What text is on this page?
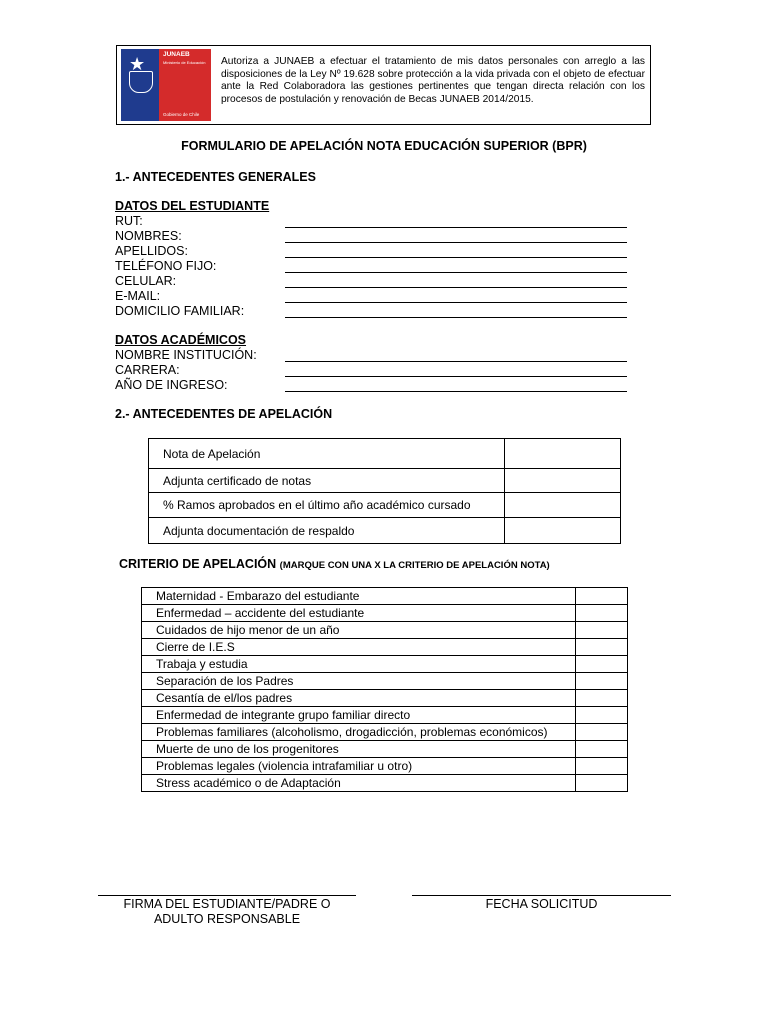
★	JUNAEB
Ministerio de Educación
Gobierno de Chile
Autoriza a JUNAEB a efectuar el tratamiento de mis datos personales con arreglo a las disposiciones de la Ley Nº 19.628 sobre protección a la vida privada con el objeto de efectuar ante la Red Colaboradora las gestiones pertinentes que tengan directa relación con los procesos de postulación y renovación de Becas JUNAEB 2014/2015.
FORMULARIO DE APELACIÓN NOTA EDUCACIÓN SUPERIOR (BPR)
1.- ANTECEDENTES GENERALES
DATOS DEL ESTUDIANTE
RUT:
NOMBRES:
APELLIDOS:
TELÉFONO FIJO:
CELULAR:
E-MAIL:
DOMICILIO FAMILIAR:
DATOS ACADÉMICOS
NOMBRE INSTITUCIÓN:
CARRERA:
AÑO DE INGRESO:
2.- ANTECEDENTES DE APELACIÓN
Nota de Apelación	
Adjunta certificado de notas	
% Ramos aprobados en el último año académico cursado	
Adjunta documentación de respaldo	
CRITERIO DE APELACIÓN (MARQUE CON UNA X LA CRITERIO DE APELACIÓN NOTA)
Maternidad - Embarazo del estudiante	
Enfermedad – accidente del estudiante	
Cuidados de hijo menor de un año	
Cierre de I.E.S	
Trabaja y estudia	
Separación de los Padres	
Cesantía de el/los padres	
Enfermedad de integrante grupo familiar directo	
Problemas familiares (alcoholismo, drogadicción, problemas económicos)	
Muerte de uno de los progenitores	
Problemas legales (violencia intrafamiliar u otro)	
Stress académico o de Adaptación	
FIRMA DEL ESTUDIANTE/PADRE O
ADULTO RESPONSABLE
FECHA SOLICITUD
